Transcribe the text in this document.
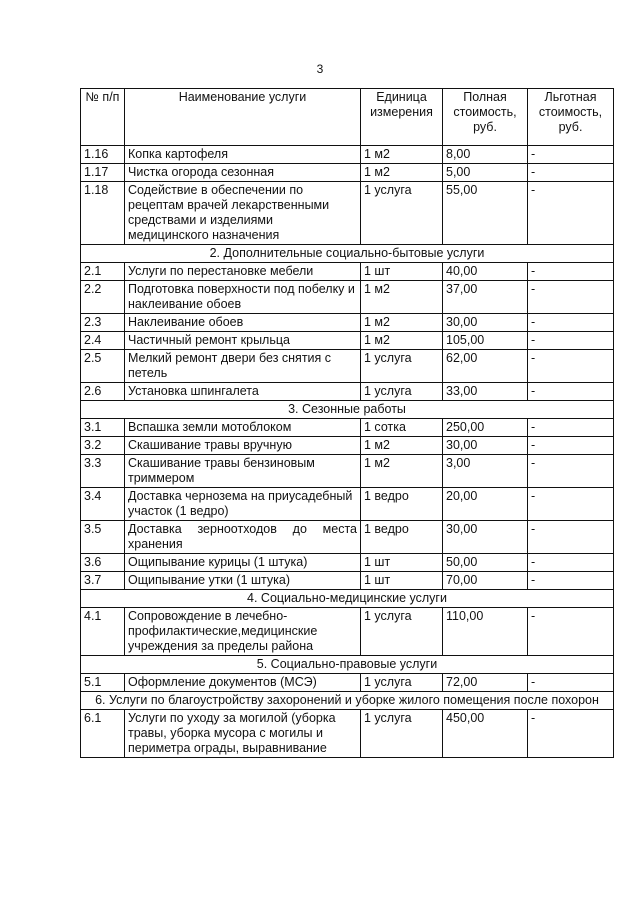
3
№ п/п	Наименование услуги	Единица измерения	Полная стоимость, руб.	Льготная стоимость, руб.
1.16	Копка картофеля	1 м2	8,00	-
1.17	Чистка огорода сезонная	1 м2	5,00	-
1.18	Содействие в обеспечении по рецептам врачей лекарственными средствами и изделиями медицинского назначения	1 услуга	55,00	-
2. Дополнительные социально-бытовые услуги				
2.1	Услуги по перестановке мебели	1 шт	40,00	-
2.2	Подготовка поверхности под побелку и наклеивание обоев	1 м2	37,00	-
2.3	Наклеивание обоев	1 м2	30,00	-
2.4	Частичный ремонт крыльца	1 м2	105,00	-
2.5	Мелкий ремонт двери без снятия с петель	1 услуга	62,00	-
2.6	Установка шпингалета	1 услуга	33,00	-
3. Сезонные работы				
3.1	Вспашка земли мотоблоком	1 сотка	250,00	-
3.2	Скашивание травы вручную	1 м2	30,00	-
3.3	Скашивание травы бензиновым триммером	1 м2	3,00	-
3.4	Доставка чернозема на приусадебный участок (1 ведро)	1 ведро	20,00	-
3.5	Доставка зерноотходов до места хранения	1 ведро	30,00	-
3.6	Ощипывание курицы (1 штука)	1 шт	50,00	-
3.7	Ощипывание утки (1 штука)	1 шт	70,00	-
4. Социально-медицинские услуги				
4.1	Сопровождение в лечебно-профилактические,медицинские учреждения за пределы района	1 услуга	110,00	-
5. Социально-правовые услуги				
5.1	Оформление документов (МСЭ)	1 услуга	72,00	-
6. Услуги по благоустройству захоронений и уборке жилого помещения после похорон				
6.1	Услуги по уходу за могилой (уборка травы, уборка мусора с могилы и периметра ограды, выравнивание	1 услуга	450,00	-
